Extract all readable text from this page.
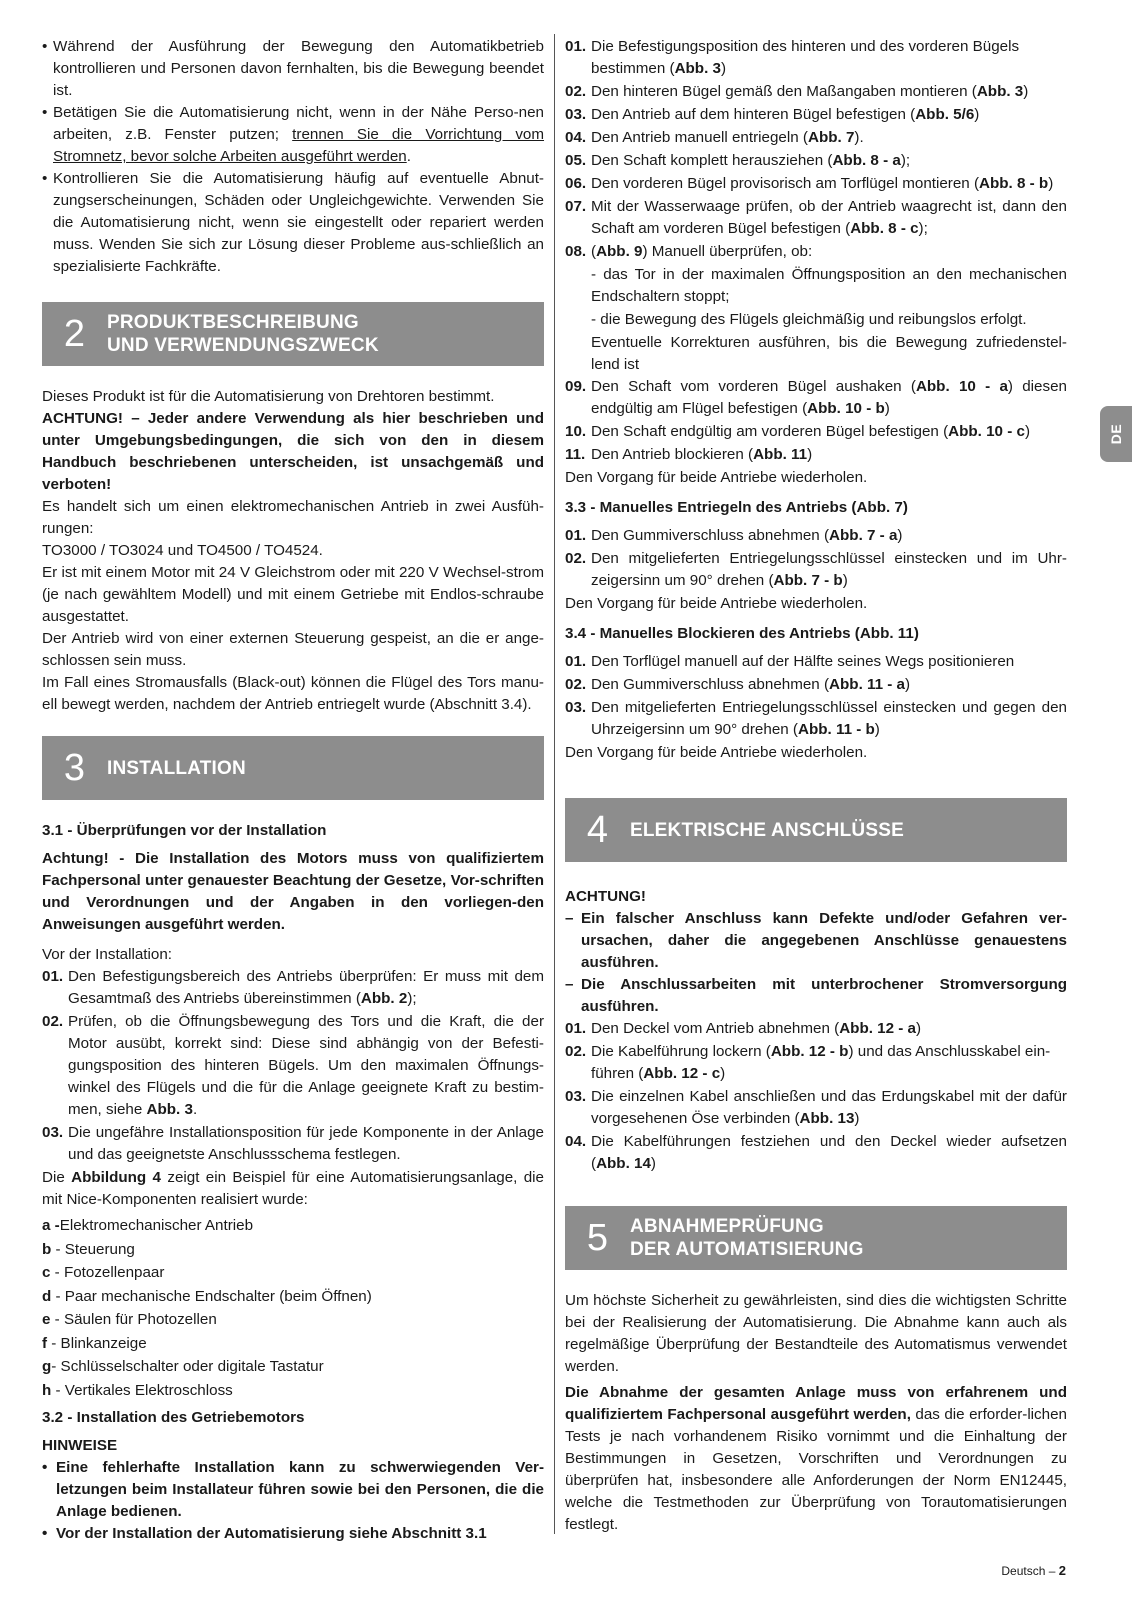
• Während der Ausführung der Bewegung den Automatikbetrieb kontrollieren und Personen davon fernhalten, bis die Bewegung beendet ist.
• Betätigen Sie die Automatisierung nicht, wenn in der Nähe Perso-nen arbeiten, z.B. Fenster putzen; trennen Sie die Vorrichtung vom Stromnetz, bevor solche Arbeiten ausgeführt werden.
• Kontrollieren Sie die Automatisierung häufig auf eventuelle Abnut-zungserscheinungen, Schäden oder Ungleichgewichte. Verwenden Sie die Automatisierung nicht, wenn sie eingestellt oder repariert werden muss. Wenden Sie sich zur Lösung dieser Probleme aus-schließlich an spezialisierte Fachkräfte.
2	PRODUKTBESCHREIBUNG
UND VERWENDUNGSZWECK

Dieses Produkt ist für die Automatisierung von Drehtoren bestimmt.

ACHTUNG! – Jeder andere Verwendung als hier beschrieben und unter Umgebungsbedingungen, die sich von den in diesem Handbuch beschriebenen unterscheiden, ist unsachgemäß und verboten!

Es handelt sich um einen elektromechanischen Antrieb in zwei Ausfüh-rungen:

TO3000 / TO3024 und TO4500 / TO4524.

Er ist mit einem Motor mit 24 V Gleichstrom oder mit 220 V Wechsel-strom (je nach gewähltem Modell) und mit einem Getriebe mit Endlos-schraube ausgestattet.

Der Antrieb wird von einer externen Steuerung gespeist, an die er ange-schlossen sein muss.

Im Fall eines Stromausfalls (Black-out) können die Flügel des Tors manu-ell bewegt werden, nachdem der Antrieb entriegelt wurde (Abschnitt 3.4).

3	INSTALLATION

3.1 - Überprüfungen vor der Installation

Achtung! - Die Installation des Motors muss von qualifiziertem Fachpersonal unter genauester Beachtung der Gesetze, Vor-schriften und Verordnungen und der Angaben in den vorliegen-den Anweisungen ausgeführt werden.

Vor der Installation:

01. Den Befestigungsbereich des Antriebs überprüfen: Er muss mit dem Gesamtmaß des Antriebs übereinstimmen (Abb. 2);
02. Prüfen, ob die Öffnungsbewegung des Tors und die Kraft, die der Motor ausübt, korrekt sind: Diese sind abhängig von der Befesti-gungsposition des hinteren Bügels. Um den maximalen Öffnungs-winkel des Flügels und die für die Anlage geeignete Kraft zu bestim-men, siehe Abb. 3.
03. Die ungefähre Installationsposition für jede Komponente in der Anlage und das geeignetste Anschlussschema festlegen.

Die Abbildung 4 zeigt ein Beispiel für eine Automatisierungsanlage, die mit Nice-Komponenten realisiert wurde:

a -Elektromechanischer Antrieb

b - Steuerung

c - Fotozellenpaar

d - Paar mechanische Endschalter (beim Öffnen)

e - Säulen für Photozellen

f - Blinkanzeige

g- Schlüsselschalter oder digitale Tastatur

h - Vertikales Elektroschloss

3.2 - Installation des Getriebemotors

HINWEISE

• Eine fehlerhafte Installation kann zu schwerwiegenden Ver-letzungen beim Installateur führen sowie bei den Personen, die die Anlage bedienen.
• Vor der Installation der Automatisierung siehe Abschnitt 3.1
01. Die Befestigungsposition des hinteren und des vorderen Bügels bestimmen (Abb. 3)
02. Den hinteren Bügel gemäß den Maßangaben montieren (Abb. 3)
03. Den Antrieb auf dem hinteren Bügel befestigen (Abb. 5/6)
04. Den Antrieb manuell entriegeln (Abb. 7).
05. Den Schaft komplett herausziehen (Abb. 8 - a);
06. Den vorderen Bügel provisorisch am Torflügel montieren (Abb. 8 - b)
07. Mit der Wasserwaage prüfen, ob der Antrieb waagrecht ist, dann den Schaft am vorderen Bügel befestigen (Abb. 8 - c);
08. (Abb. 9) Manuell überprüfen, ob:

- das Tor in der maximalen Öffnungsposition an den mechanischen Endschaltern stoppt;

- die Bewegung des Flügels gleichmäßig und reibungslos erfolgt.

Eventuelle Korrekturen ausführen, bis die Bewegung zufriedenstel-lend ist

09. Den Schaft vom vorderen Bügel aushaken (Abb. 10 - a) diesen endgültig am Flügel befestigen (Abb. 10 - b)
10. Den Schaft endgültig am vorderen Bügel befestigen (Abb. 10 - c)
11. Den Antrieb blockieren (Abb. 11)

Den Vorgang für beide Antriebe wiederholen.

3.3 - Manuelles Entriegeln des Antriebs (Abb. 7)

01. Den Gummiverschluss abnehmen (Abb. 7 - a)
02. Den mitgelieferten Entriegelungsschlüssel einstecken und im Uhr-zeigersinn um 90° drehen (Abb. 7 - b)

Den Vorgang für beide Antriebe wiederholen.

3.4 - Manuelles Blockieren des Antriebs (Abb. 11)

01. Den Torflügel manuell auf der Hälfte seines Wegs positionieren
02. Den Gummiverschluss abnehmen (Abb. 11 - a)
03. Den mitgelieferten Entriegelungsschlüssel einstecken und gegen den Uhrzeigersinn um 90° drehen (Abb. 11 - b)

Den Vorgang für beide Antriebe wiederholen.

4	ELEKTRISCHE ANSCHLÜSSE

ACHTUNG!

– Ein falscher Anschluss kann Defekte und/oder Gefahren ver-ursachen, daher die angegebenen Anschlüsse genauestens ausführen.
– Die Anschlussarbeiten mit unterbrochener Stromversorgung ausführen.
01. Den Deckel vom Antrieb abnehmen (Abb. 12 - a)
02. Die Kabelführung lockern (Abb. 12 - b) und das Anschlusskabel ein-führen (Abb. 12 - c)
03. Die einzelnen Kabel anschließen und das Erdungskabel mit der dafür vorgesehenen Öse verbinden (Abb. 13)
04. Die Kabelführungen festziehen und den Deckel wieder aufsetzen (Abb. 14)
5	ABNAHMEPRÜFUNG
DER AUTOMATISIERUNG

Um höchste Sicherheit zu gewährleisten, sind dies die wichtigsten Schritte bei der Realisierung der Automatisierung. Die Abnahme kann auch als regelmäßige Überprüfung der Bestandteile des Automatismus verwendet werden.

Die Abnahme der gesamten Anlage muss von erfahrenem und qualifiziertem Fachpersonal ausgeführt werden, das die erforder-lichen Tests je nach vorhandenem Risiko vornimmt und die Einhaltung der Bestimmungen in Gesetzen, Vorschriften und Verordnungen zu überprüfen hat, insbesondere alle Anforderungen der Norm EN12445, welche die Testmethoden zur Überprüfung von Torautomatisierungen festlegt.

DE
Deutsch – 2
